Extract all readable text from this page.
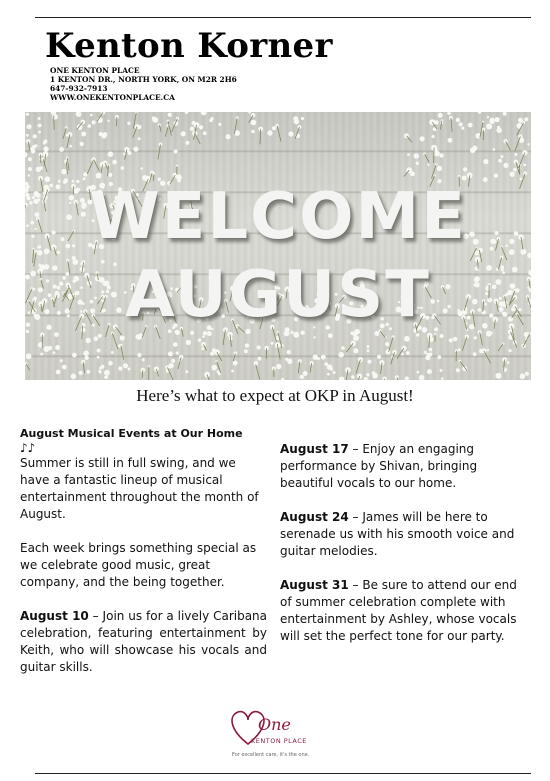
Kenton Korner
ONE KENTON PLACE
1 KENTON DR., NORTH YORK, ON M2R 2H6
647-932-7913
WWW.ONEKENTONPLACE.CA
WELCOME
AUGUST
Here’s what to expect at OKP in August!

August Musical Events at Our Home

♪♪

Summer is still in full swing, and we have a fantastic lineup of musical entertainment throughout the month of August.

Each week brings something special as we celebrate good music, great company, and the being together.

August 10 – Join us for a lively Caribana celebration, featuring entertainment by Keith, who will showcase his vocals and guitar skills.

August 17 – Enjoy an engaging performance by Shivan, bringing beautiful vocals to our home.

August 24 – James will be here to serenade us with his smooth voice and guitar melodies.

August 31 – Be sure to attend our end of summer celebration complete with entertainment by Ashley, whose vocals will set the perfect tone for our party.

One
KENTON PLACE
For excellent care, it's the one.
